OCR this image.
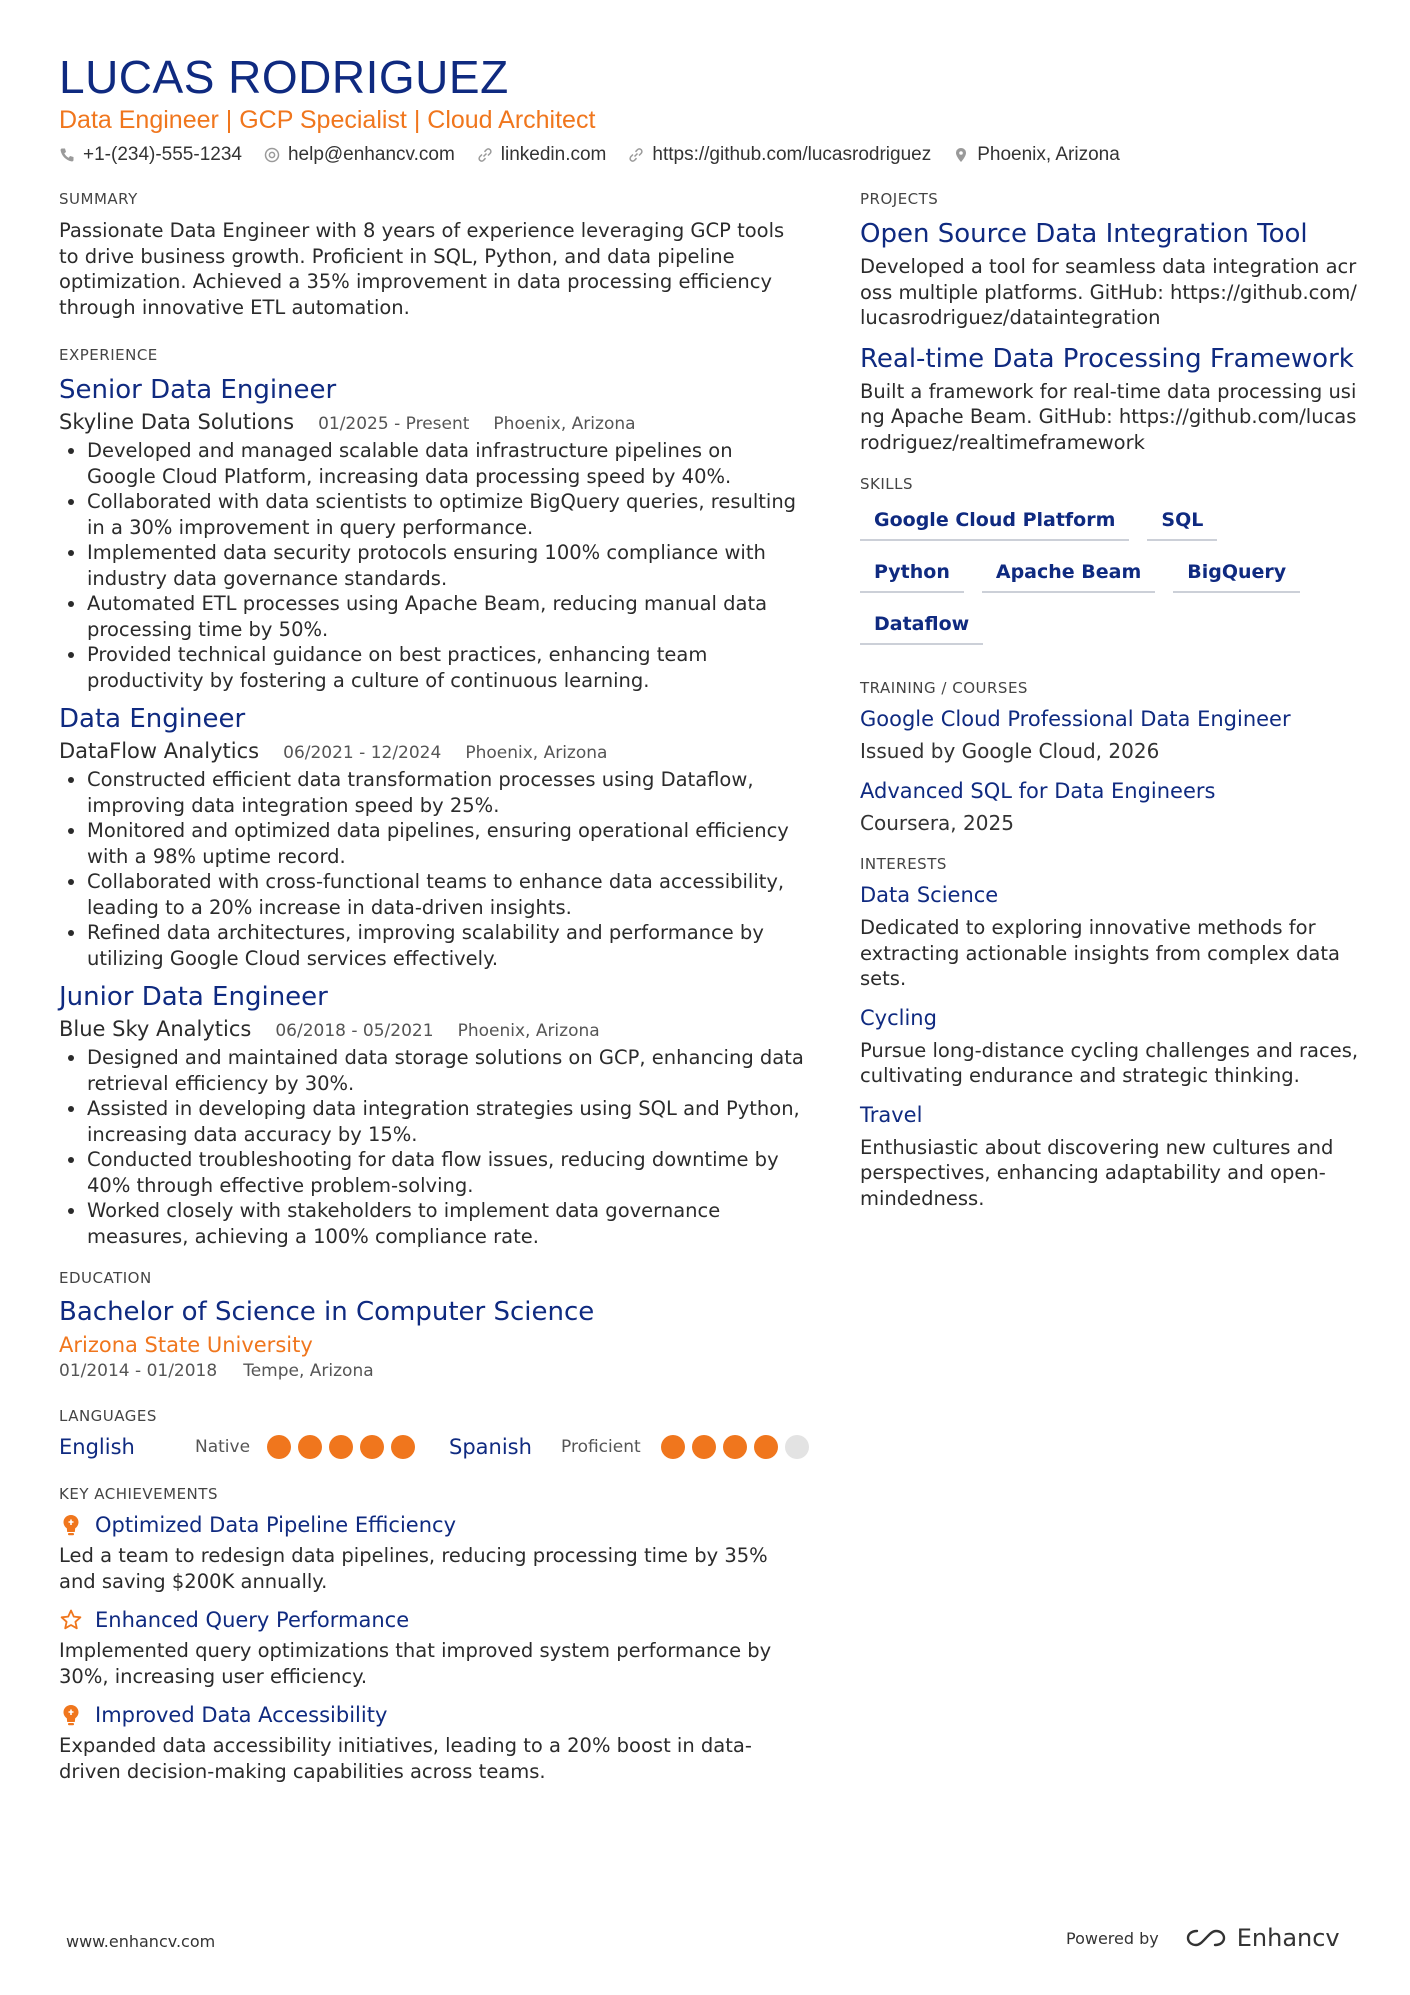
LUCAS RODRIGUEZ
Data Engineer | GCP Specialist | Cloud Architect
+1-(234)-555-1234 help@enhancv.com linkedin.com https://github.com/lucasrodriguez Phoenix, Arizona
SUMMARY

Passionate Data Engineer with 8 years of experience leveraging GCP tools to drive business growth. Proficient in SQL, Python, and data pipeline optimization. Achieved a 35% improvement in data processing efficiency through innovative ETL automation.

EXPERIENCE
Senior Data Engineer
Skyline Data Solutions 01/2025 - Present Phoenix, Arizona
• Developed and managed scalable data infrastructure pipelines on Google Cloud Platform, increasing data processing speed by 40%.
• Collaborated with data scientists to optimize BigQuery queries, resulting in a 30% improvement in query performance.
• Implemented data security protocols ensuring 100% compliance with industry data governance standards.
• Automated ETL processes using Apache Beam, reducing manual data processing time by 50%.
• Provided technical guidance on best practices, enhancing team productivity by fostering a culture of continuous learning.
Data Engineer
DataFlow Analytics 06/2021 - 12/2024 Phoenix, Arizona
• Constructed efficient data transformation processes using Dataflow, improving data integration speed by 25%.
• Monitored and optimized data pipelines, ensuring operational efficiency with a 98% uptime record.
• Collaborated with cross-functional teams to enhance data accessibility, leading to a 20% increase in data-driven insights.
• Refined data architectures, improving scalability and performance by utilizing Google Cloud services effectively.
Junior Data Engineer
Blue Sky Analytics 06/2018 - 05/2021 Phoenix, Arizona
• Designed and maintained data storage solutions on GCP, enhancing data retrieval efficiency by 30%.
• Assisted in developing data integration strategies using SQL and Python, increasing data accuracy by 15%.
• Conducted troubleshooting for data flow issues, reducing downtime by 40% through effective problem-solving.
• Worked closely with stakeholders to implement data governance measures, achieving a 100% compliance rate.
EDUCATION
Bachelor of Science in Computer Science
Arizona State University
01/2014 - 01/2018 Tempe, Arizona
LANGUAGES
English	Native	Spanish	Proficient
KEY ACHIEVEMENTS
Optimized Data Pipeline Efficiency

Led a team to redesign data pipelines, reducing processing time by 35% and saving $200K annually.

Enhanced Query Performance

Implemented query optimizations that improved system performance by 30%, increasing user efficiency.

Improved Data Accessibility

Expanded data accessibility initiatives, leading to a 20% boost in data-driven decision-making capabilities across teams.

PROJECTS
Open Source Data Integration Tool

Developed a tool for seamless data integration across multiple platforms. GitHub: https://github.com/lucasrodriguez/dataintegration

Real-time Data Processing Framework

Built a framework for real-time data processing using Apache Beam. GitHub: https://github.com/lucasrodriguez/realtimeframework

SKILLS
Google Cloud Platform	SQL
Python	Apache Beam	BigQuery
Dataflow
TRAINING / COURSES
Google Cloud Professional Data Engineer
Issued by Google Cloud, 2026
Advanced SQL for Data Engineers
Coursera, 2025
INTERESTS
Data Science

Dedicated to exploring innovative methods for extracting actionable insights from complex data sets.

Cycling

Pursue long-distance cycling challenges and races, cultivating endurance and strategic thinking.

Travel

Enthusiastic about discovering new cultures and perspectives, enhancing adaptability and open-mindedness.

www.enhancv.com	Powered by	Enhancv
